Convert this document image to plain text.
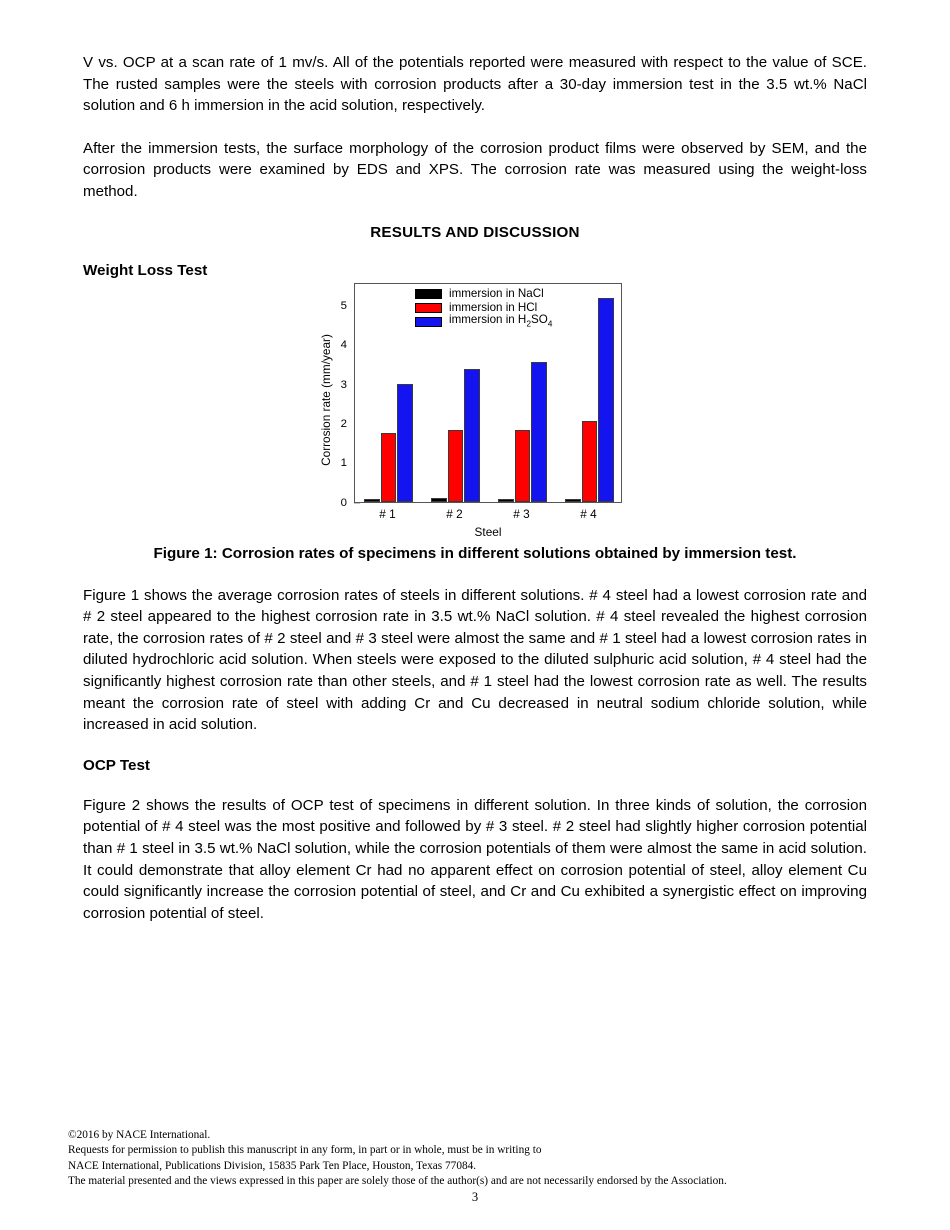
V vs. OCP at a scan rate of 1 mv/s. All of the potentials reported were measured with respect to the value of SCE. The rusted samples were the steels with corrosion products after a 30-day immersion test in the 3.5 wt.% NaCl solution and 6 h immersion in the acid solution, respectively.

After the immersion tests, the surface morphology of the corrosion product films were observed by SEM, and the corrosion products were examined by EDS and XPS. The corrosion rate was measured using the weight-loss method.

RESULTS AND DISCUSSION
Weight Loss Test
Corrosion rate (mm/year)
0
1
2
3
4
5
immersion in NaCl
immersion in HCl
immersion in $H_2SO_4$
# 1	# 2	# 3	# 4
Steel

Figure 1: Corrosion rates of specimens in different solutions obtained by immersion test.

Figure 1 shows the average corrosion rates of steels in different solutions. # 4 steel had a lowest corrosion rate and # 2 steel appeared to the highest corrosion rate in 3.5 wt.% NaCl solution. # 4 steel revealed the highest corrosion rate, the corrosion rates of # 2 steel and # 3 steel were almost the same and # 1 steel had a lowest corrosion rates in diluted hydrochloric acid solution. When steels were exposed to the diluted sulphuric acid solution, # 4 steel had the significantly highest corrosion rate than other steels, and # 1 steel had the lowest corrosion rate as well. The results meant the corrosion rate of steel with adding Cr and Cu decreased in neutral sodium chloride solution, while increased in acid solution.

OCP Test

Figure 2 shows the results of OCP test of specimens in different solution. In three kinds of solution, the corrosion potential of # 4 steel was the most positive and followed by # 3 steel. # 2 steel had slightly higher corrosion potential than # 1 steel in 3.5 wt.% NaCl solution, while the corrosion potentials of them were almost the same in acid solution. It could demonstrate that alloy element Cr had no apparent effect on corrosion potential of steel, alloy element Cu could significantly increase the corrosion potential of steel, and Cr and Cu exhibited a synergistic effect on improving corrosion potential of steel.

©2016 by NACE International.
Requests for permission to publish this manuscript in any form, in part or in whole, must be in writing to
NACE International, Publications Division, 15835 Park Ten Place, Houston, Texas 77084.
The material presented and the views expressed in this paper are solely those of the author(s) and are not necessarily endorsed by the Association.
3
